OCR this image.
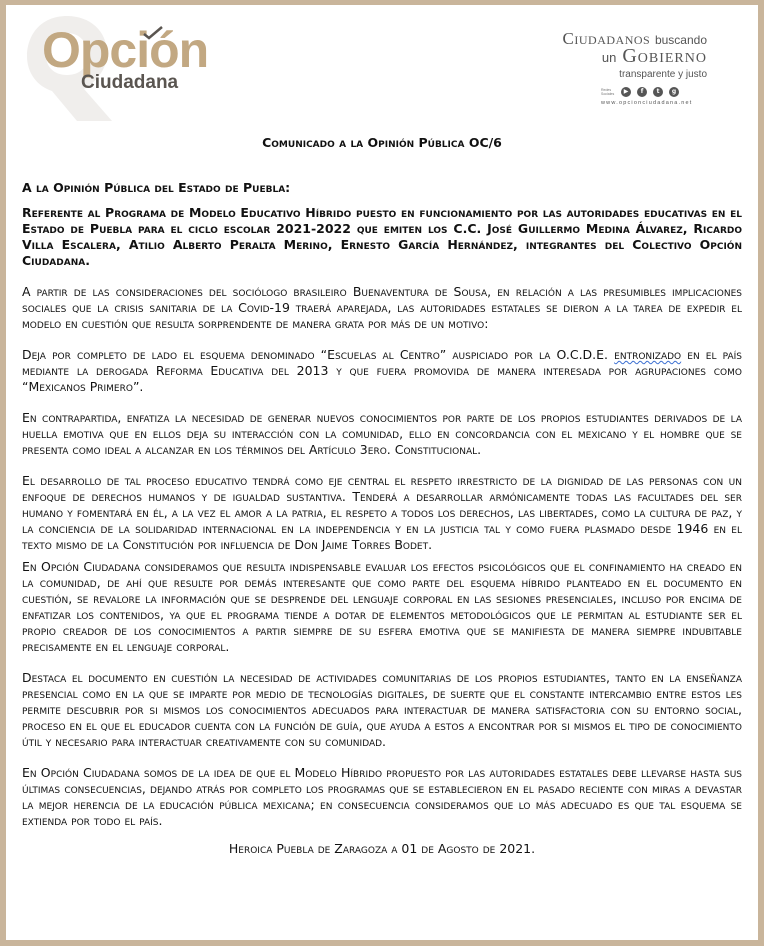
Opción
Ciudadana
Ciudadanos buscando
un Gobierno
transparente y justo
Redes Sociales	▶	f	t	g
www.opcionciudadana.net
Comunicado a la Opinión Pública OC/6
A la Opinión Pública del Estado de Puebla:
Referente al Programa de Modelo Educativo Híbrido puesto en funcionamiento por las autoridades educativas en el Estado de Puebla para el ciclo escolar 2021-2022 que emiten los C.C. José Guillermo Medina Álvarez, Ricardo Villa Escalera, Atilio Alberto Peralta Merino, Ernesto García Hernández, integrantes del Colectivo Opción Ciudadana.
A partir de las consideraciones del sociólogo brasileiro Buenaventura de Sousa, en relación a las presumibles implicaciones sociales que la crisis sanitaria de la Covid-19 traerá aparejada, las autoridades estatales se dieron a la tarea de expedir el modelo en cuestión que resulta sorprendente de manera grata por más de un motivo:
Deja por completo de lado el esquema denominado “Escuelas al Centro” auspiciado por la O.C.D.E. entronizado en el país mediante la derogada Reforma Educativa del 2013 y que fuera promovida de manera interesada por agrupaciones como “Mexicanos Primero”.
En contrapartida, enfatiza la necesidad de generar nuevos conocimientos por parte de los propios estudiantes derivados de la huella emotiva que en ellos deja su interacción con la comunidad, ello en concordancia con el mexicano y el hombre que se presenta como ideal a alcanzar en los términos del Artículo 3ero. Constitucional.
El desarrollo de tal proceso educativo tendrá como eje central el respeto irrestricto de la dignidad de las personas con un enfoque de derechos humanos y de igualdad sustantiva. Tenderá a desarrollar armónicamente todas las facultades del ser humano y fomentará en él, a la vez el amor a la patria, el respeto a todos los derechos, las libertades, como la cultura de paz, y la conciencia de la solidaridad internacional en la independencia y en la justicia tal y como fuera plasmado desde 1946 en el texto mismo de la Constitución por influencia de Don Jaime Torres Bodet.
En Opción Ciudadana consideramos que resulta indispensable evaluar los efectos psicológicos que el confinamiento ha creado en la comunidad, de ahí que resulte por demás interesante que como parte del esquema híbrido planteado en el documento en cuestión, se revalore la información que se desprende del lenguaje corporal en las sesiones presenciales, incluso por encima de enfatizar los contenidos, ya que el programa tiende a dotar de elementos metodológicos que le permitan al estudiante ser el propio creador de los conocimientos a partir siempre de su esfera emotiva que se manifiesta de manera siempre indubitable precisamente en el lenguaje corporal.
Destaca el documento en cuestión la necesidad de actividades comunitarias de los propios estudiantes, tanto en la enseñanza presencial como en la que se imparte por medio de tecnologías digitales, de suerte que el constante intercambio entre estos les permite descubrir por si mismos los conocimientos adecuados para interactuar de manera satisfactoria con su entorno social, proceso en el que el educador cuenta con la función de guía, que ayuda a estos a encontrar por si mismos el tipo de conocimiento útil y necesario para interactuar creativamente con su comunidad.
En Opción Ciudadana somos de la idea de que el Modelo Híbrido propuesto por las autoridades estatales debe llevarse hasta sus últimas consecuencias, dejando atrás por completo los programas que se establecieron en el pasado reciente con miras a devastar la mejor herencia de la educación pública mexicana; en consecuencia consideramos que lo más adecuado es que tal esquema se extienda por todo el país.
Heroica Puebla de Zaragoza a 01 de Agosto de 2021.
